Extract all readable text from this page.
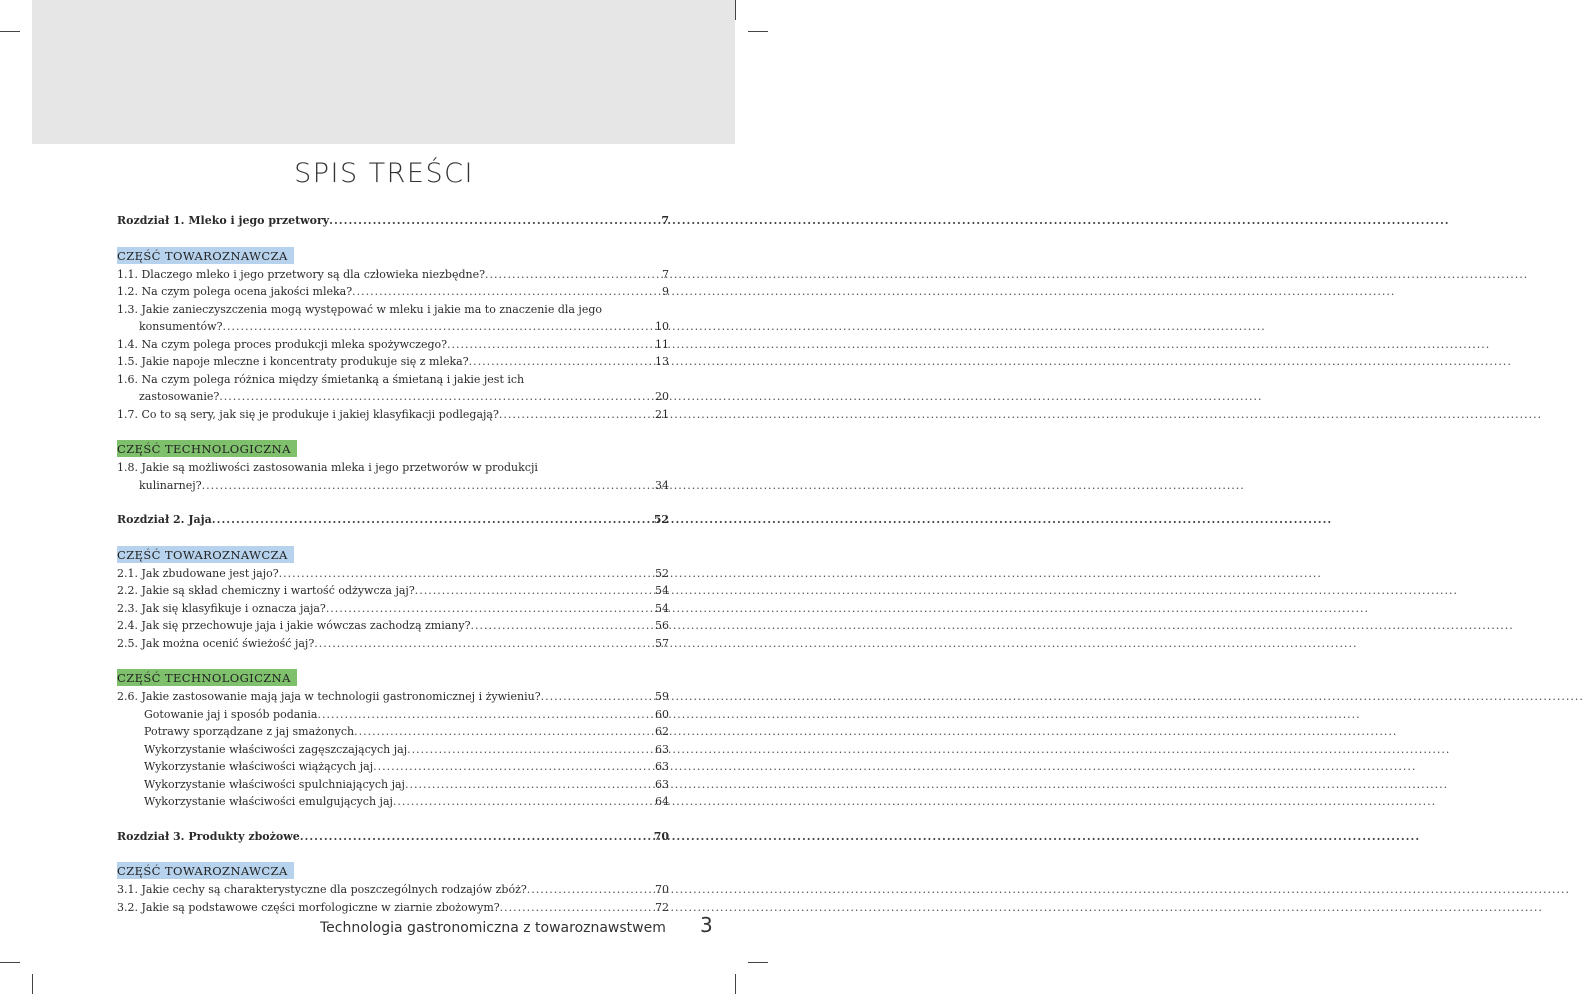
SPIS TREŚCI
Rozdział 1. Mleko i jego przetwory .....	7
CZĘŚĆ TOWAROZNAWCZA
1.1. Dlaczego mleko i jego przetwory są dla człowieka niezbędne? .....	7
1.2. Na czym polega ocena jakości mleka? .....	9
1.3. Jakie zanieczyszczenia mogą występować w mleku i jakie ma to znaczenie dla jego
konsumentów? .....	10
1.4. Na czym polega proces produkcji mleka spożywczego? .....	11
1.5. Jakie napoje mleczne i koncentraty produkuje się z mleka? .....	13
1.6. Na czym polega różnica między śmietanką a śmietaną i jakie jest ich
zastosowanie? .....	20
1.7. Co to są sery, jak się je produkuje i jakiej klasyfikacji podlegają? .....	21
CZĘŚĆ TECHNOLOGICZNA
1.8. Jakie są możliwości zastosowania mleka i jego przetworów w produkcji
kulinarnej? .....	34
Rozdział 2. Jaja .....	52
CZĘŚĆ TOWAROZNAWCZA
2.1. Jak zbudowane jest jajo? .....	52
2.2. Jakie są skład chemiczny i wartość odżywcza jaj? .....	54
2.3. Jak się klasyfikuje i oznacza jaja? .....	54
2.4. Jak się przechowuje jaja i jakie wówczas zachodzą zmiany? .....	56
2.5. Jak można ocenić świeżość jaj? .....	57
CZĘŚĆ TECHNOLOGICZNA
2.6. Jakie zastosowanie mają jaja w technologii gastronomicznej i żywieniu? .....	59
Gotowanie jaj i sposób podania .....	60
Potrawy sporządzane z jaj smażonych .....	62
Wykorzystanie właściwości zagęszczających jaj .....	63
Wykorzystanie właściwości wiążących jaj .....	63
Wykorzystanie właściwości spulchniających jaj .....	63
Wykorzystanie właściwości emulgujących jaj .....	64
Rozdział 3. Produkty zbożowe .....	70
CZĘŚĆ TOWAROZNAWCZA
3.1. Jakie cechy są charakterystyczne dla poszczególnych rodzajów zbóż? .....	70
3.2. Jakie są podstawowe części morfologiczne w ziarnie zbożowym? .....	72
Technologia gastronomiczna z towaroznawstwem 3
